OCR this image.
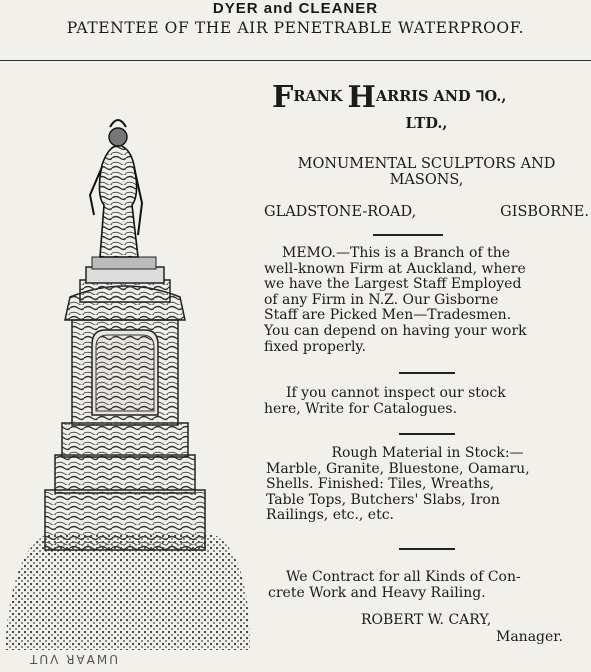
DYER and CLEANER
PATENTEE OF THE AIR PENETRABLE WATERPROOF.
ꓕꓵꓥ ꓤꓯꓮꓟꓵ
FRANK HARRIS AND ᒣO.,
LTD.,
MONUMENTAL SCULPTORS AND
MASONS,
GLADSTONE-ROAD,	GISBORNE.
MEMO.—This is a Branch of the
well-known Firm at Auckland, where
we have the Largest Staff Employed
of any Firm in N.Z. Our Gisborne
Staff are Picked Men—Tradesmen.
You can depend on having your work
fixed properly.
If you cannot inspect our stock
here, Write for Catalogues.
Rough Material in Stock:—
Marble, Granite, Bluestone, Oamaru,
Shells. Finished: Tiles, Wreaths,
Table Tops, Butchers' Slabs, Iron
Railings, etc., etc.
We Contract for all Kinds of Con-
crete Work and Heavy Railing.
ROBERT W. CARY,
Manager.
